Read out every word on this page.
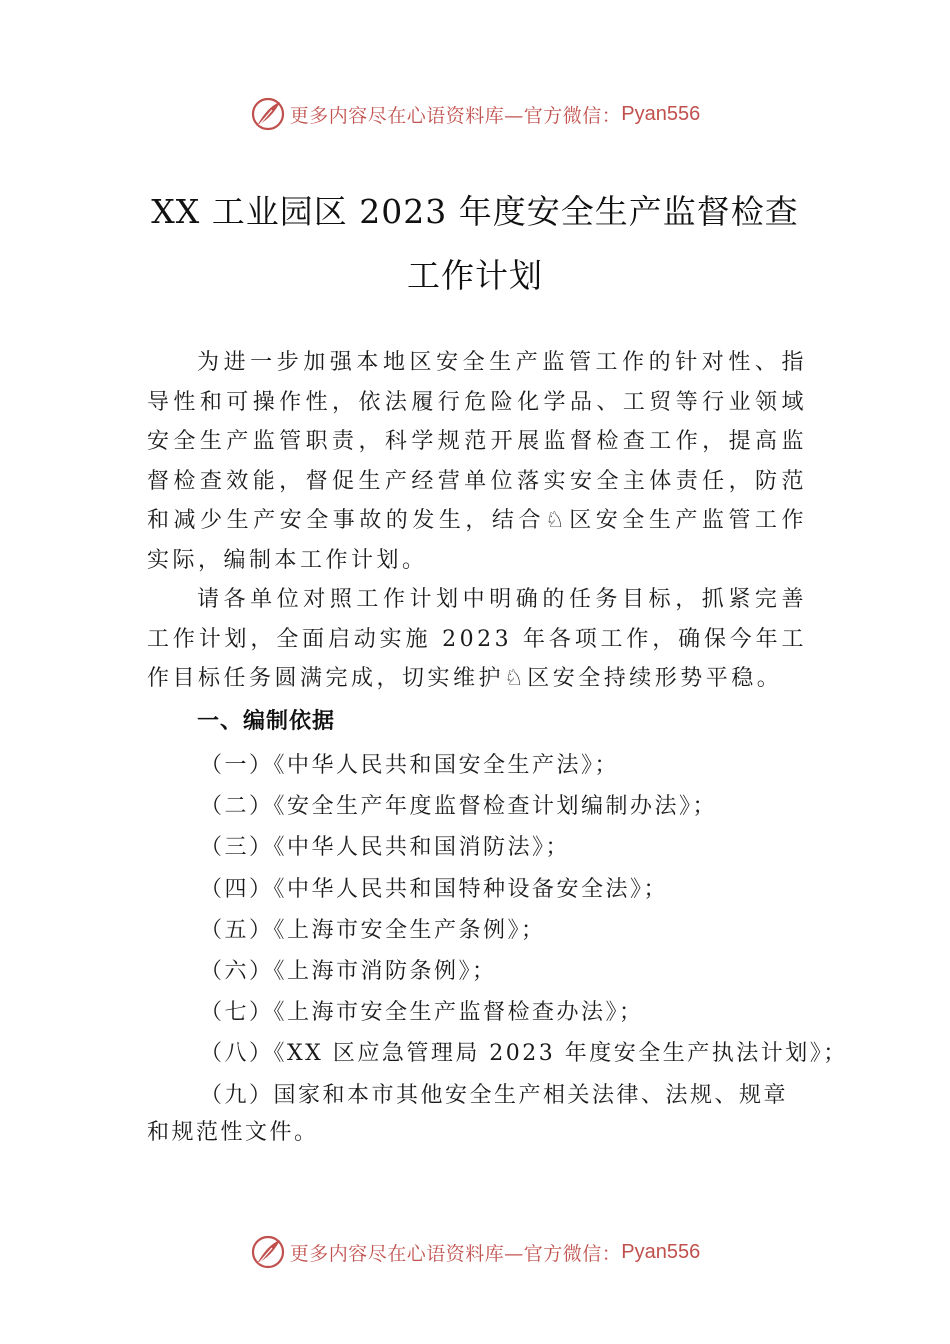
更多内容尽在心语资料库—官方微信： Pyan556
XX 工业园区 2023 年度安全生产监督检查
工作计划
为进一步加强本地区安全生产监管工作的针对性、指导性和可操作性，依法履行危险化学品、工贸等行业领域安全生产监管职责，科学规范开展监督检查工作，提高监督检查效能，督促生产经营单位落实安全主体责任，防范和减少生产安全事故的发生，结合♘区安全生产监管工作实际，编制本工作计划。
请各单位对照工作计划中明确的任务目标，抓紧完善工作计划，全面启动实施 2023 年各项工作，确保今年工作目标任务圆满完成，切实维护♘区安全持续形势平稳。
一、编制依据
（一）《中华人民共和国安全生产法》；
（二）《安全生产年度监督检查计划编制办法》；
（三）《中华人民共和国消防法》；
（四）《中华人民共和国特种设备安全法》；
（五）《上海市安全生产条例》；
（六）《上海市消防条例》；
（七）《上海市安全生产监督检查办法》；
（八）《XX 区应急管理局 2023 年度安全生产执法计划》；
（九）国家和本市其他安全生产相关法律、法规、规章
和规范性文件。
更多内容尽在心语资料库—官方微信： Pyan556
